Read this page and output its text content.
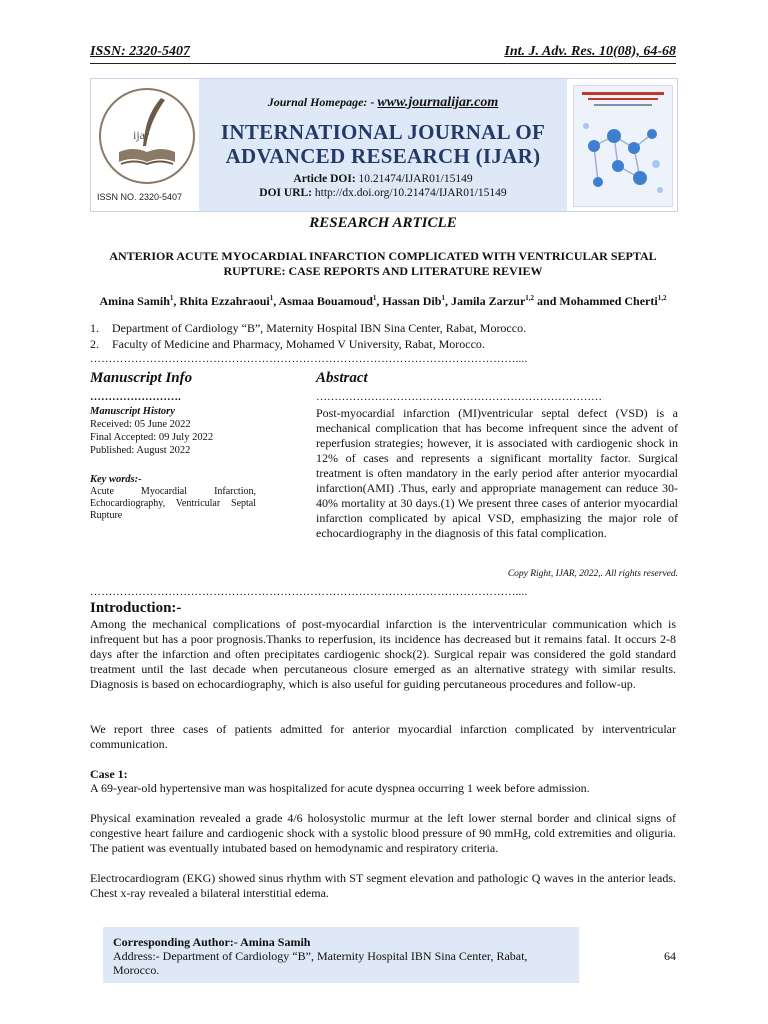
ISSN: 2320-5407	Int. J. Adv. Res. 10(08), 64-68
ijar
ISSN NO. 2320-5407
Journal Homepage: - www.journalijar.com
INTERNATIONAL JOURNAL OF
ADVANCED RESEARCH (IJAR)
Article DOI: 10.21474/IJAR01/15149
DOI URL: http://dx.doi.org/10.21474/IJAR01/15149
RESEARCH ARTICLE
ANTERIOR ACUTE MYOCARDIAL INFARCTION COMPLICATED WITH VENTRICULAR SEPTAL
RUPTURE: CASE REPORTS AND LITERATURE REVIEW
Amina Samih$^1$, Rhita Ezzahraoui$^1$, Asmaa Bouamoud$^1$, Hassan Dib$^1$, Jamila Zarzur$^{1,2}$ and Mohammed Cherti$^{1,2}$
1. Department of Cardiology “B”, Maternity Hospital IBN Sina Center, Rabat, Morocco.
2. Faculty of Medicine and Pharmacy, Mohamed V University, Rabat, Morocco.
……………………………………………………………………………………………………....
Manuscript Info	Abstract
…………………….	……………………………………………………………………
Manuscript History
Received: 05 June 2022
Final Accepted: 09 July 2022
Published: August 2022
Key words:-
Acute Myocardial Infarction, Echocardiography, Ventricular Septal Rupture
Post-myocardial infarction (MI)ventricular septal defect (VSD) is a mechanical complication that has become infrequent since the advent of reperfusion strategies; however, it is associated with cardiogenic shock in 12% of cases and represents a significant mortality factor. Surgical treatment is often mandatory in the early period after anterior myocardial infarction(AMI) .Thus, early and appropriate management can reduce 30-40% mortality at 30 days.(1) We present three cases of anterior myocardial infarction complicated by apical VSD, emphasizing the major role of echocardiography in the diagnosis of this fatal complication.
Copy Right, IJAR, 2022,. All rights reserved.
……………………………………………………………………………………………………....
Introduction:-
Among the mechanical complications of post-myocardial infarction is the interventricular communication which is infrequent but has a poor prognosis.Thanks to reperfusion, its incidence has decreased but it remains fatal. It occurs 2-8 days after the infarction and often precipitates cardiogenic shock(2). Surgical repair was considered the gold standard treatment until the last decade when percutaneous closure emerged as an alternative strategy with similar results. Diagnosis is based on echocardiography, which is also useful for guiding percutaneous procedures and follow-up.
We report three cases of patients admitted for anterior myocardial infarction complicated by interventricular communication.
Case 1:
A 69-year-old hypertensive man was hospitalized for acute dyspnea occurring 1 week before admission.
Physical examination revealed a grade 4/6 holosystolic murmur at the left lower sternal border and clinical signs of congestive heart failure and cardiogenic shock with a systolic blood pressure of 90 mmHg, cold extremities and oliguria. The patient was eventually intubated based on hemodynamic and respiratory criteria.
Electrocardiogram (EKG) showed sinus rhythm with ST segment elevation and pathologic Q waves in the anterior leads. Chest x-ray revealed a bilateral interstitial edema.
Corresponding Author:- Amina Samih
Address:- Department of Cardiology “B”, Maternity Hospital IBN Sina Center, Rabat, Morocco.
64
